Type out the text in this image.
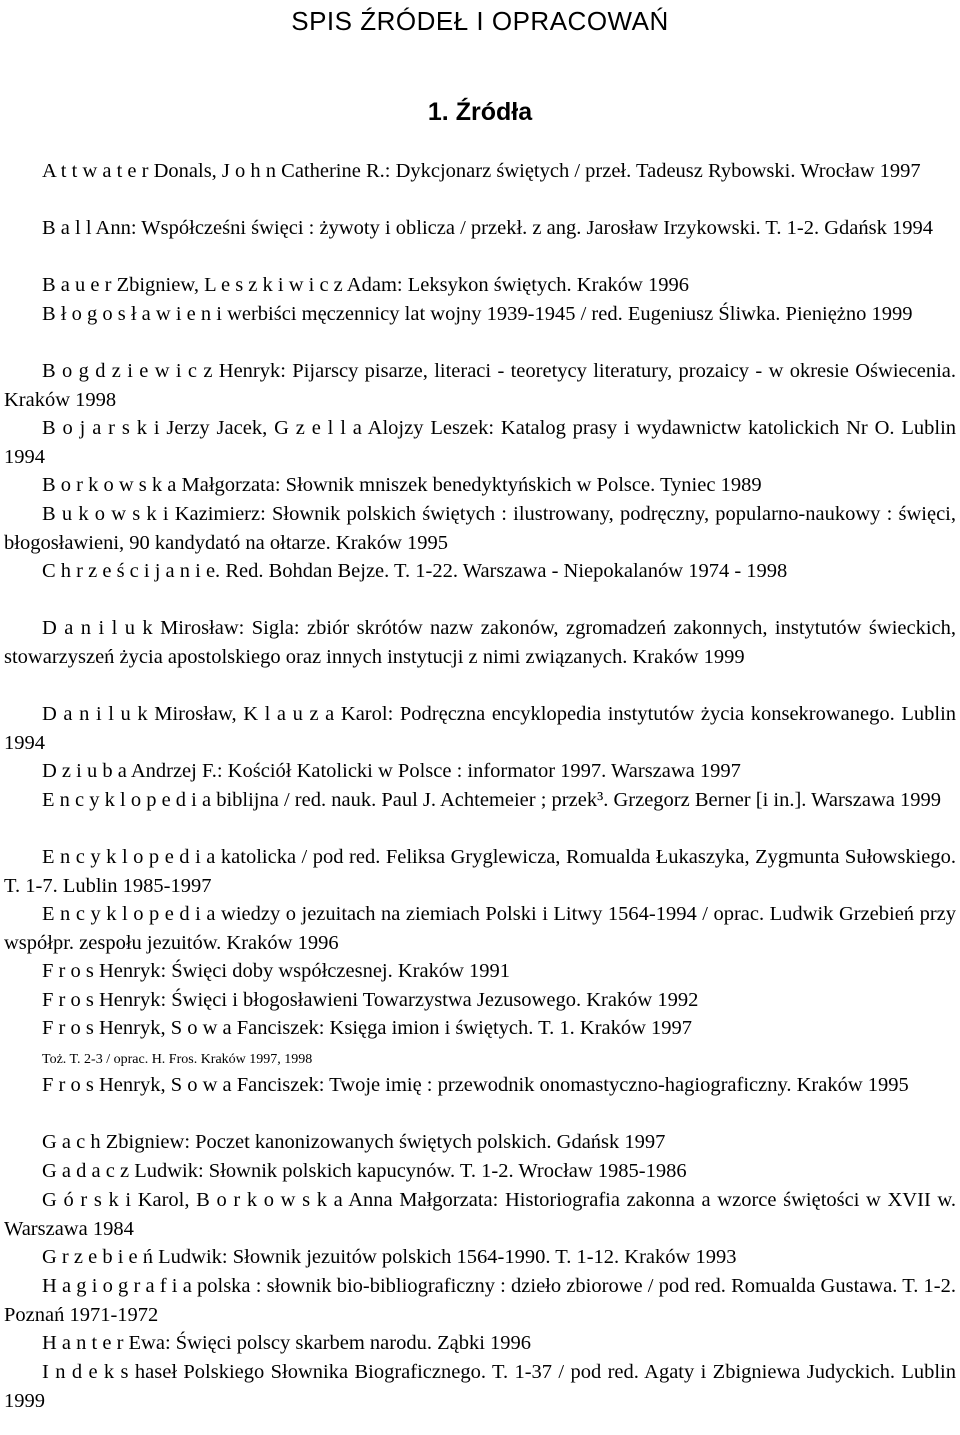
SPIS ŹRÓDEŁ I OPRACOWAŃ
1. Źródła
A t t w a t e r Donals, J o h n Catherine R.: Dykcjonarz świętych / przeł. Tadeusz Rybowski. Wrocław 1997
B a l l Ann: Współcześni święci : żywoty i oblicza / przekł. z ang. Jarosław Irzykowski. T. 1-2. Gdańsk 1994
B a u e r Zbigniew, L e s z k i w i c z Adam: Leksykon świętych. Kraków 1996
B ł o g o s ł a w i e n i werbiści męczennicy lat wojny 1939-1945 / red. Eugeniusz Śliwka. Pieniężno 1999
B o g d z i e w i c z Henryk: Pijarscy pisarze, literaci - teoretycy literatury, prozaicy - w okresie Oświecenia. Kraków 1998
B o j a r s k i Jerzy Jacek, G z e l l a Alojzy Leszek: Katalog prasy i wydawnictw katolickich Nr O. Lublin 1994
B o r k o w s k a Małgorzata: Słownik mniszek benedyktyńskich w Polsce. Tyniec 1989
B u k o w s k i Kazimierz: Słownik polskich świętych : ilustrowany, podręczny, popularno-naukowy : święci, błogosławieni, 90 kandydató na ołtarze. Kraków 1995
C h r z e ś c i j a n i e. Red. Bohdan Bejze. T. 1-22. Warszawa - Niepokalanów 1974 - 1998
D a n i l u k Mirosław: Sigla: zbiór skrótów nazw zakonów, zgromadzeń zakonnych, instytutów świeckich, stowarzyszeń życia apostolskiego oraz innych instytucji z nimi związanych. Kraków 1999
D a n i l u k Mirosław, K l a u z a Karol: Podręczna encyklopedia instytutów życia konsekrowanego. Lublin 1994
D z i u b a Andrzej F.: Kościół Katolicki w Polsce : informator 1997. Warszawa 1997
E n c y k l o p e d i a biblijna / red. nauk. Paul J. Achtemeier ; przek³. Grzegorz Berner [i in.]. Warszawa 1999
E n c y k l o p e d i a katolicka / pod red. Feliksa Gryglewicza, Romualda Łukaszyka, Zygmunta Sułowskiego. T. 1-7. Lublin 1985-1997
E n c y k l o p e d i a wiedzy o jezuitach na ziemiach Polski i Litwy 1564-1994 / oprac. Ludwik Grzebień przy współpr. zespołu jezuitów. Kraków 1996
F r o s Henryk: Święci doby współczesnej. Kraków 1991
F r o s Henryk: Święci i błogosławieni Towarzystwa Jezusowego. Kraków 1992
F r o s Henryk, S o w a Fanciszek: Księga imion i świętych. T. 1. Kraków 1997
Toż. T. 2-3 / oprac. H. Fros. Kraków 1997, 1998
F r o s Henryk, S o w a Fanciszek: Twoje imię : przewodnik onomastyczno-hagiograficzny. Kraków 1995
G a c h Zbigniew: Poczet kanonizowanych świętych polskich. Gdańsk 1997
G a d a c z Ludwik: Słownik polskich kapucynów. T. 1-2. Wrocław 1985-1986
G ó r s k i Karol, B o r k o w s k a Anna Małgorzata: Historiografia zakonna a wzorce świętości w XVII w. Warszawa 1984
G r z e b i e ń Ludwik: Słownik jezuitów polskich 1564-1990. T. 1-12. Kraków 1993
H a g i o g r a f i a polska : słownik bio-bibliograficzny : dzieło zbiorowe / pod red. Romualda Gustawa. T. 1-2. Poznań 1971-1972
H a n t e r Ewa: Święci polscy skarbem narodu. Ząbki 1996
I n d e k s haseł Polskiego Słownika Biograficznego. T. 1-37 / pod red. Agaty i Zbigniewa Judyckich. Lublin 1999
